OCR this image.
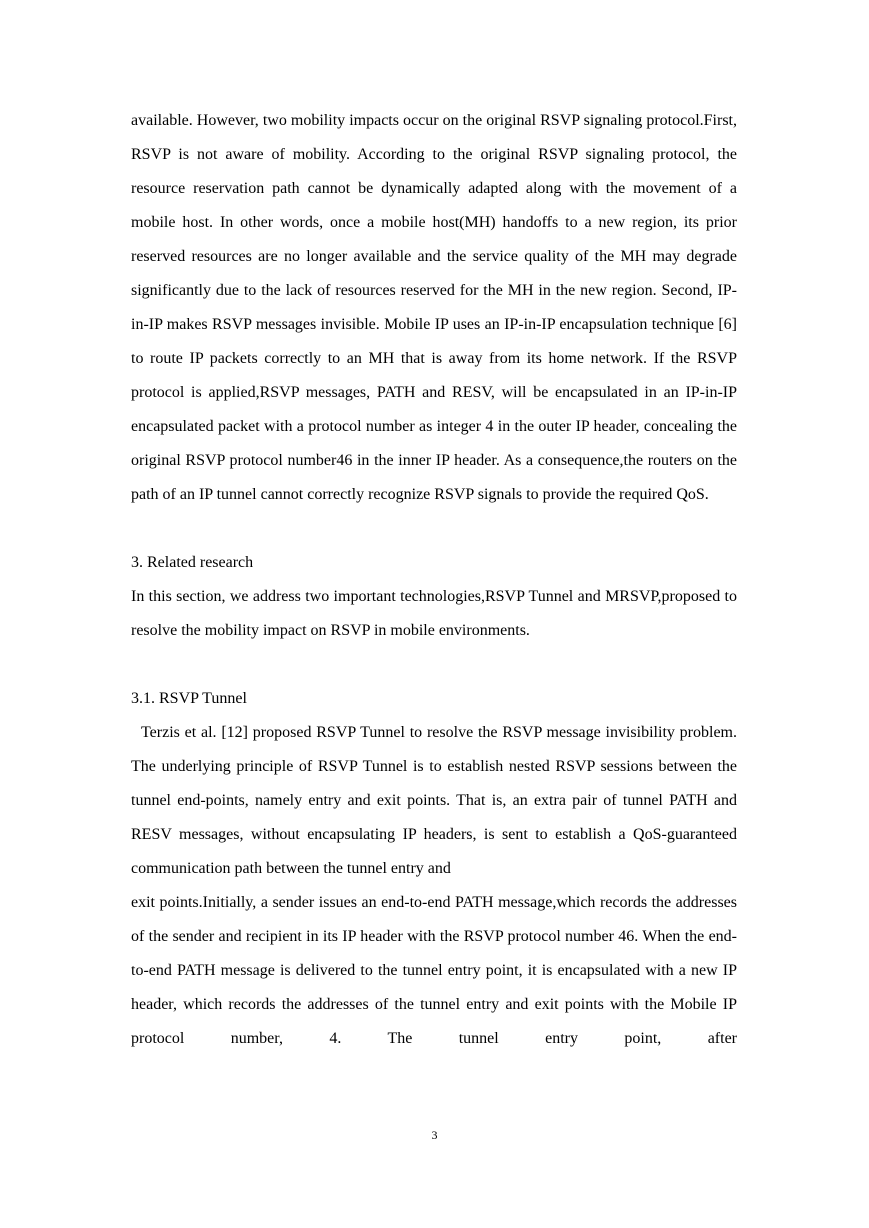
available. However, two mobility impacts occur on the original RSVP signaling protocol.First, RSVP is not aware of mobility. According to the original RSVP signaling protocol, the resource reservation path cannot be dynamically adapted along with the movement of a mobile host. In other words, once a mobile host(MH) handoffs to a new region, its prior reserved resources are no longer available and the service quality of the MH may degrade significantly due to the lack of resources reserved for the MH in the new region. Second, IP-in-IP makes RSVP messages invisible. Mobile IP uses an IP-in-IP encapsulation technique [6] to route IP packets correctly to an MH that is away from its home network. If the RSVP protocol is applied,RSVP messages, PATH and RESV, will be encapsulated in an IP-in-IP encapsulated packet with a protocol number as integer 4 in the outer IP header, concealing the original RSVP protocol number46 in the inner IP header. As a consequence,the routers on the path of an IP tunnel cannot correctly recognize RSVP signals to provide the required QoS.

3. Related research

In this section, we address two important technologies,RSVP Tunnel and MRSVP,proposed to resolve the mobility impact on RSVP in mobile environments.

3.1. RSVP Tunnel

Terzis et al. [12] proposed RSVP Tunnel to resolve the RSVP message invisibility problem. The underlying principle of RSVP Tunnel is to establish nested RSVP sessions between the tunnel end-points, namely entry and exit points. That is, an extra pair of tunnel PATH and RESV messages, without encapsulating IP headers, is sent to establish a QoS-guaranteed communication path between the tunnel entry and

exit points.Initially, a sender issues an end-to-end PATH message,which records the addresses of the sender and recipient in its IP header with the RSVP protocol number 46. When the end-to-end PATH message is delivered to the tunnel entry point, it is encapsulated with a new IP header, which records the addresses of the tunnel entry and exit points with the Mobile IP protocol number, 4. The tunnel entry point, after

3
